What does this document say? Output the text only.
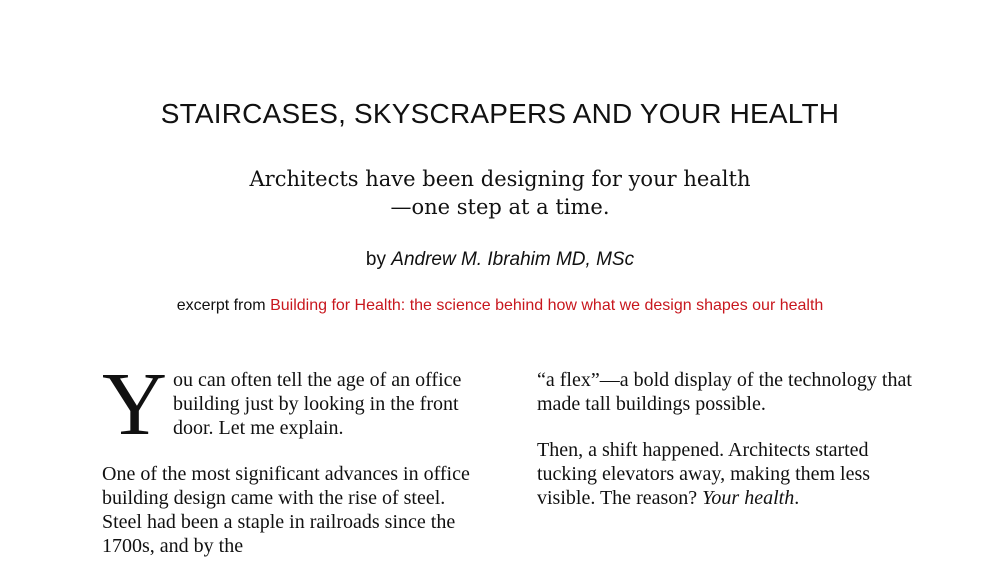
STAIRCASES, SKYSCRAPERS AND YOUR HEALTH
Architects have been designing for your health
—one step at a time.
by Andrew M. Ibrahim MD, MSc
excerpt from Building for Health: the science behind how what we design shapes our health

You can often tell the age of an office building just by looking in the front door. Let me explain.

One of the most significant advances in office building design came with the rise of steel. Steel had been a staple in railroads since the 1700s, and by the

“a flex”—a bold display of the technology that made tall buildings possible.

Then, a shift happened. Architects started tucking elevators away, making them less visible. The reason? Your health.
